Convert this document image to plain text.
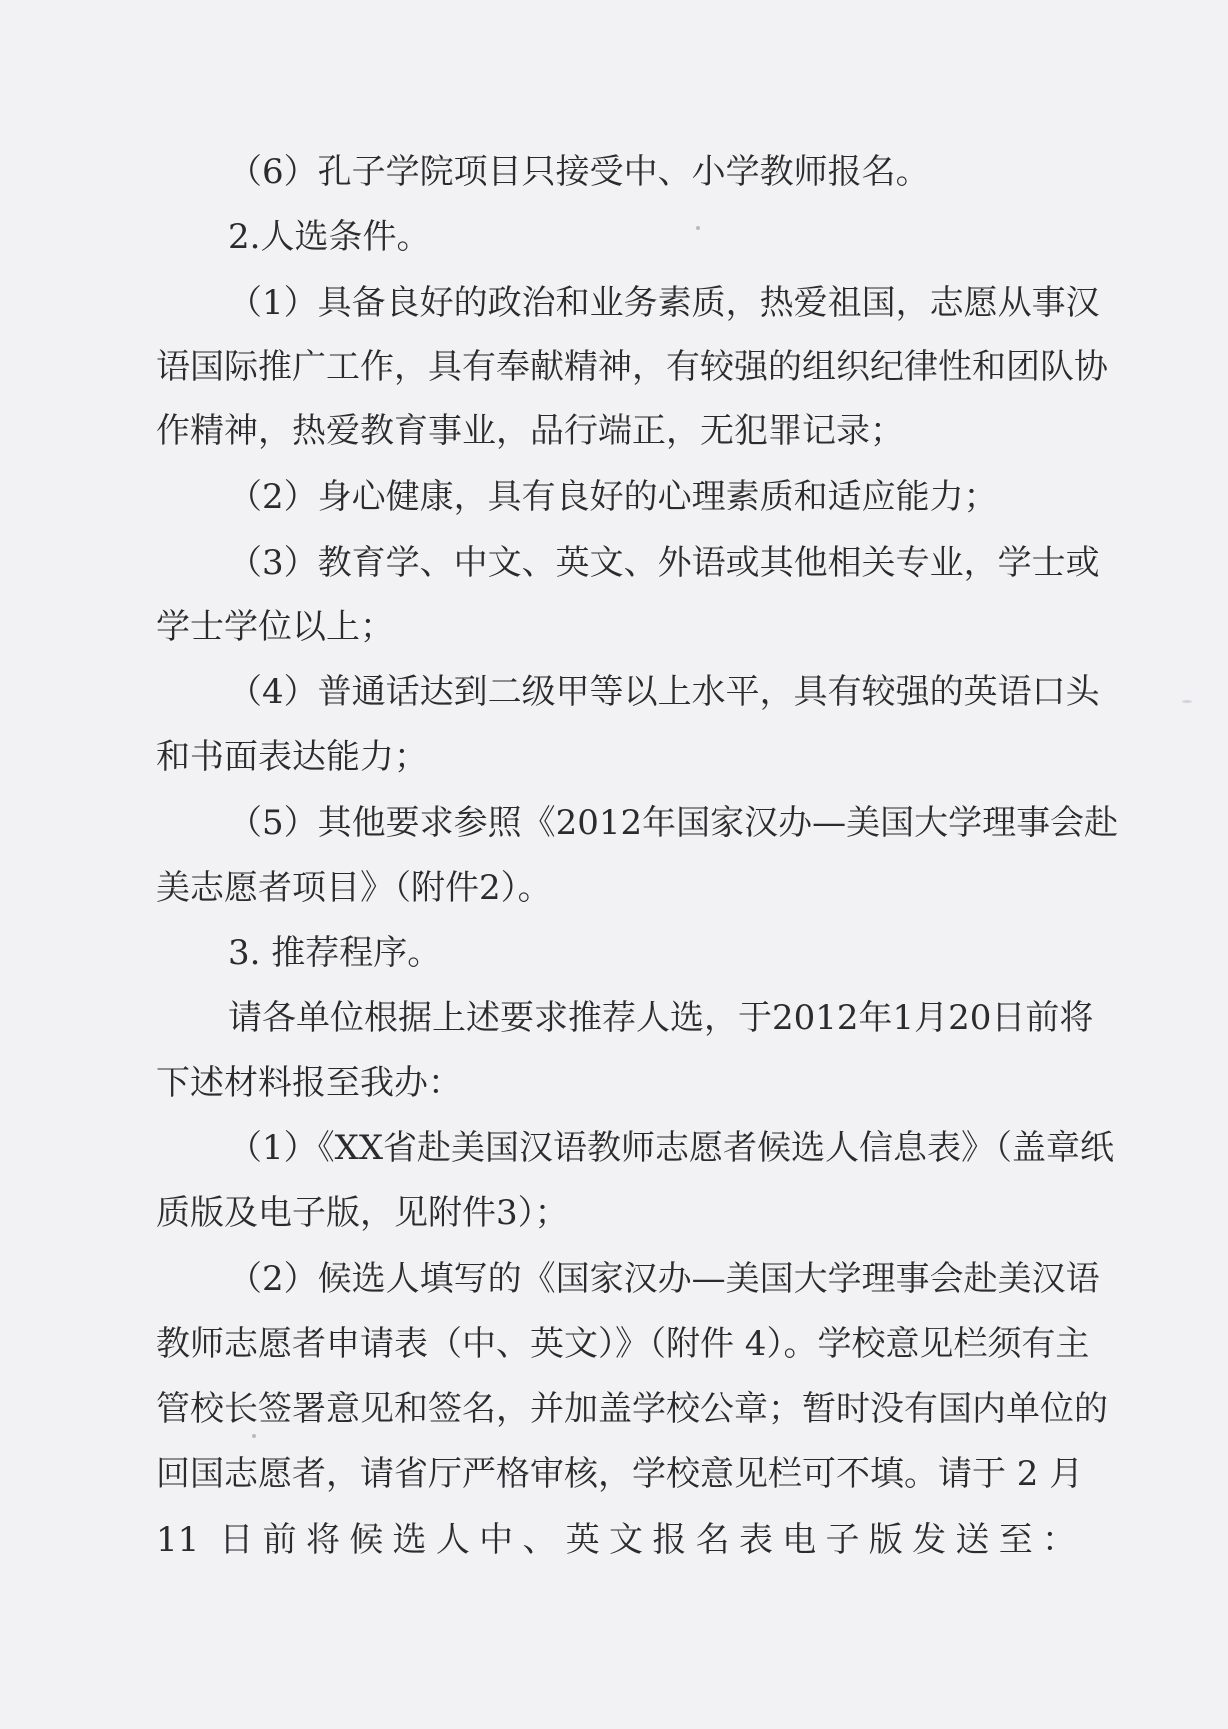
（6）孔子学院项目只接受中、小学教师报名。
2.人选条件。
（1）具备良好的政治和业务素质，热爱祖国，志愿从事汉
语国际推广工作，具有奉献精神，有较强的组织纪律性和团队协
作精神，热爱教育事业，品行端正，无犯罪记录；
（2）身心健康，具有良好的心理素质和适应能力；
（3）教育学、中文、英文、外语或其他相关专业，学士或
学士学位以上；
（4）普通话达到二级甲等以上水平，具有较强的英语口头
和书面表达能力；
（5）其他要求参照《2012年国家汉办—美国大学理事会赴
美志愿者项目》（附件2）。
3. 推荐程序。
请各单位根据上述要求推荐人选，于2012年1月20日前将
下述材料报至我办：
（1）《XX省赴美国汉语教师志愿者候选人信息表》（盖章纸
质版及电子版，见附件3）；
（2）候选人填写的《国家汉办—美国大学理事会赴美汉语
教师志愿者申请表（中、英文）》（附件 4）。学校意见栏须有主
管校长签署意见和签名，并加盖学校公章；暂时没有国内单位的
回国志愿者，请省厅严格审核，学校意见栏可不填。请于 2 月
11 日前将候选人中、英文报名表电子版发送至：
